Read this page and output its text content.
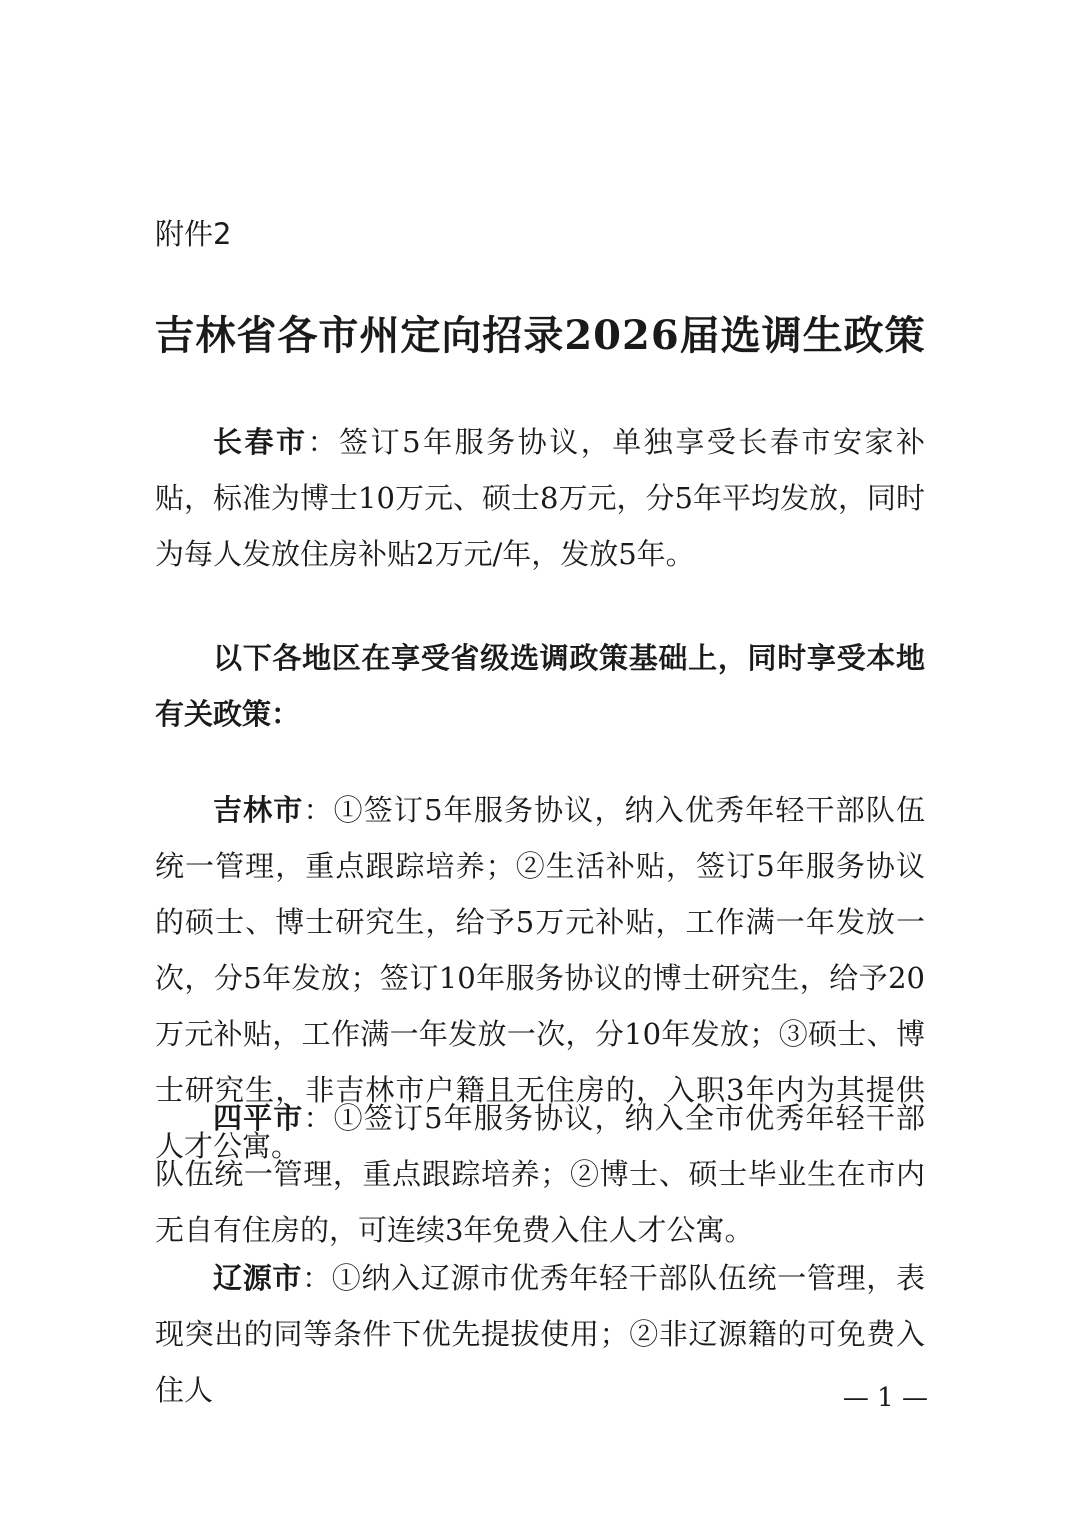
附件2
吉林省各市州定向招录2026届选调生政策

长春市：签订5年服务协议，单独享受长春市安家补贴，标准为博士10万元、硕士8万元，分5年平均发放，同时为每人发放住房补贴2万元/年，发放5年。

以下各地区在享受省级选调政策基础上，同时享受本地有关政策：

吉林市：①签订5年服务协议，纳入优秀年轻干部队伍统一管理，重点跟踪培养；②生活补贴，签订5年服务协议的硕士、博士研究生，给予5万元补贴，工作满一年发放一次，分5年发放；签订10年服务协议的博士研究生，给予20万元补贴，工作满一年发放一次，分10年发放；③硕士、博士研究生，非吉林市户籍且无住房的，入职3年内为其提供人才公寓。

四平市：①签订5年服务协议，纳入全市优秀年轻干部队伍统一管理，重点跟踪培养；②博士、硕士毕业生在市内无自有住房的，可连续3年免费入住人才公寓。

辽源市：①纳入辽源市优秀年轻干部队伍统一管理，表现突出的同等条件下优先提拔使用；②非辽源籍的可免费入住人	— 1 —
